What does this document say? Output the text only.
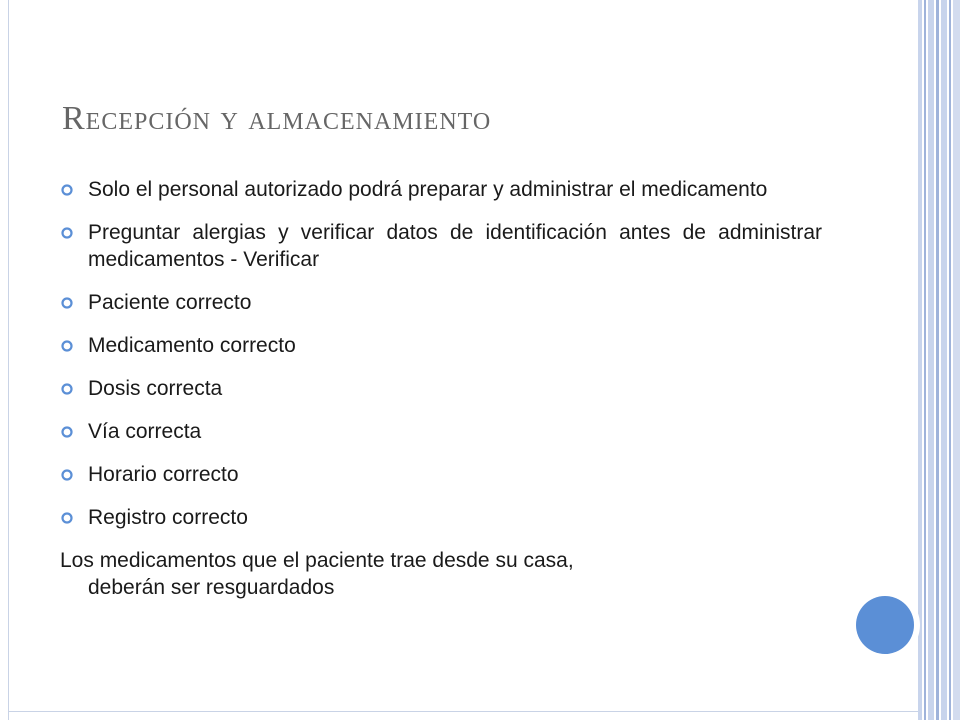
Recepción y almacenamiento
Solo el personal autorizado podrá preparar y administrar el medicamento
Preguntar alergias y verificar datos de identificación antes de administrar medicamentos - Verificar
Paciente correcto
Medicamento correcto
Dosis correcta
Vía correcta
Horario correcto
Registro correcto
Los medicamentos que el paciente trae desde su casa,
deberán ser resguardados
